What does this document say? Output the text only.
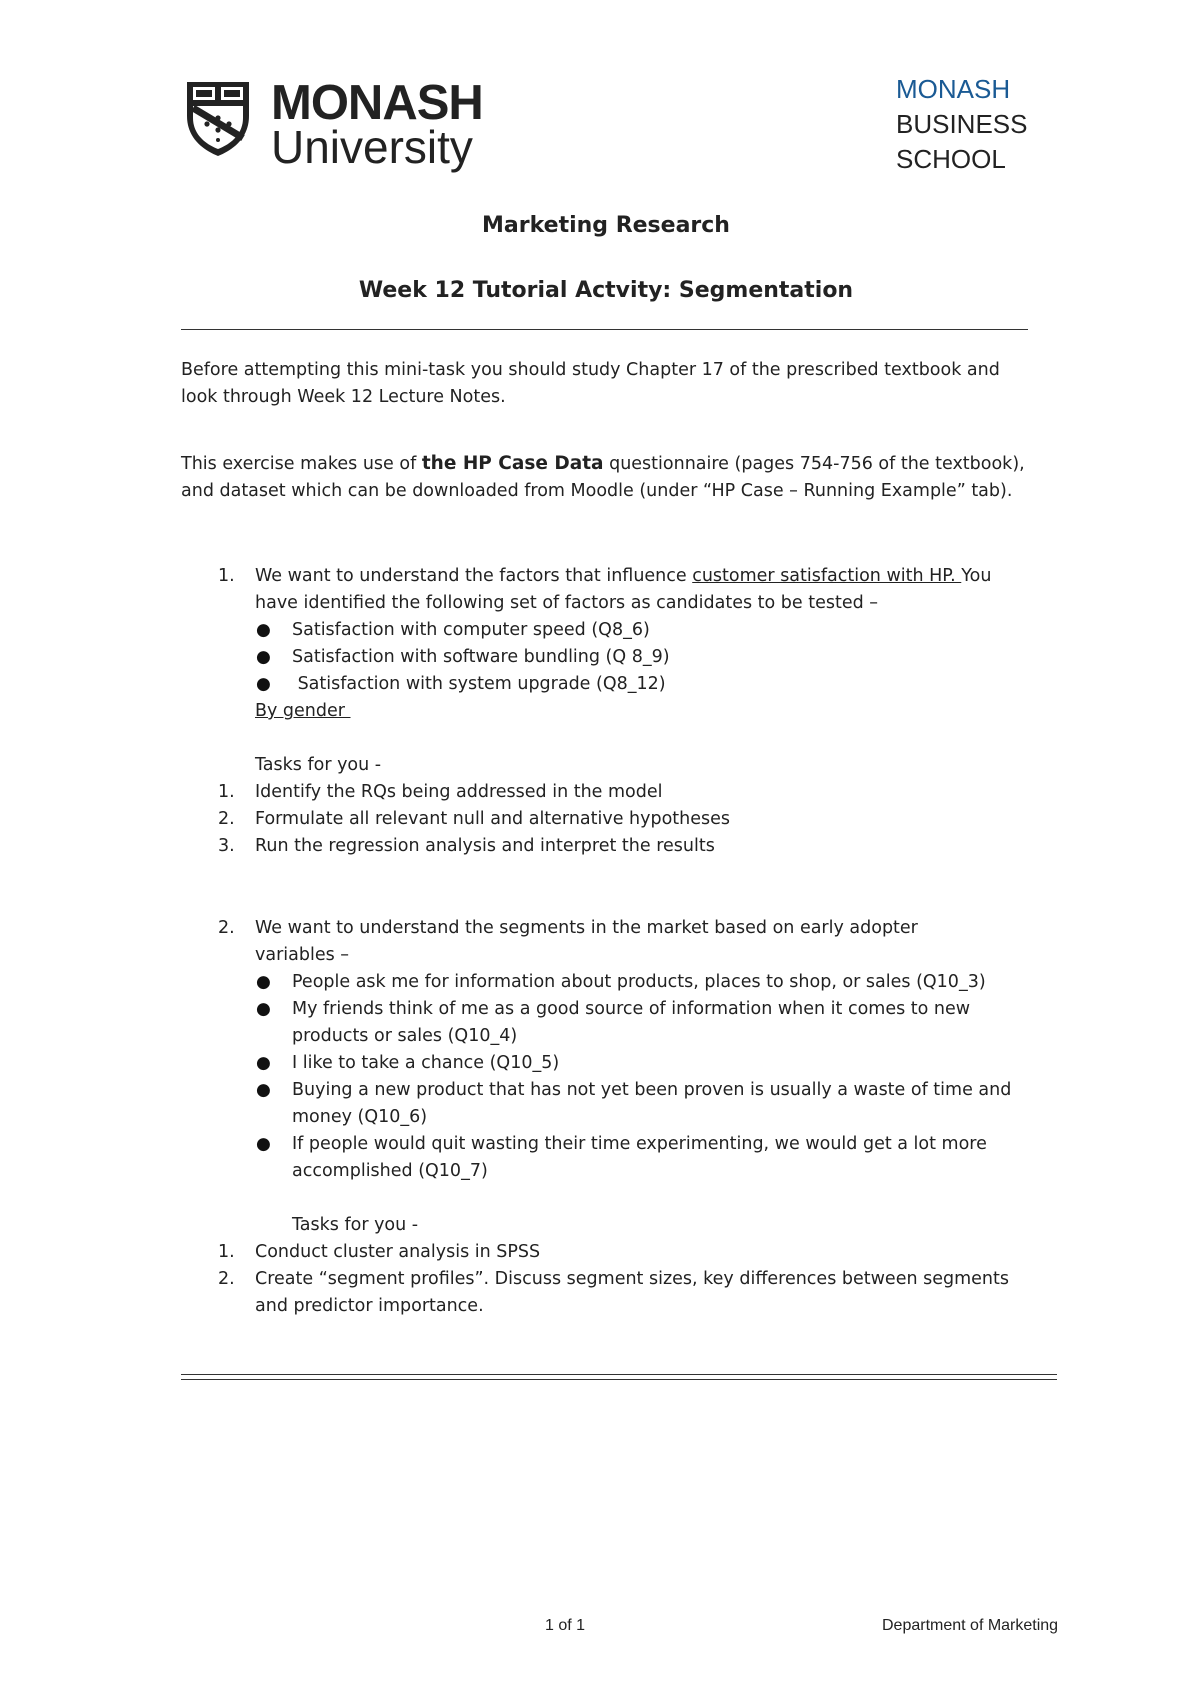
MONASH
University
MONASH
BUSINESS
SCHOOL
Marketing Research
Week 12 Tutorial Actvity: Segmentation
Before attempting this mini-task you should study Chapter 17 of the prescribed textbook and look through Week 12 Lecture Notes.
This exercise makes use of the HP Case Data questionnaire (pages 754-756 of the textbook), and dataset which can be downloaded from Moodle (under “HP Case – Running Example” tab).
1. We want to understand the factors that influence customer satisfaction with HP. You have identified the following set of factors as candidates to be tested –
● Satisfaction with computer speed (Q8_6)
● Satisfaction with software bundling (Q 8_9)
● Satisfaction with system upgrade (Q8_12)
By gender
Tasks for you -
1. Identify the RQs being addressed in the model
2. Formulate all relevant null and alternative hypotheses
3. Run the regression analysis and interpret the results
2. We want to understand the segments in the market based on early adopter variables –
● People ask me for information about products, places to shop, or sales (Q10_3)
● My friends think of me as a good source of information when it comes to new products or sales (Q10_4)
● I like to take a chance (Q10_5)
● Buying a new product that has not yet been proven is usually a waste of time and money (Q10_6)
● If people would quit wasting their time experimenting, we would get a lot more accomplished (Q10_7)
Tasks for you -
1. Conduct cluster analysis in SPSS
2. Create “segment profiles”. Discuss segment sizes, key differences between segments and predictor importance.
1 of 1	Department of Marketing
